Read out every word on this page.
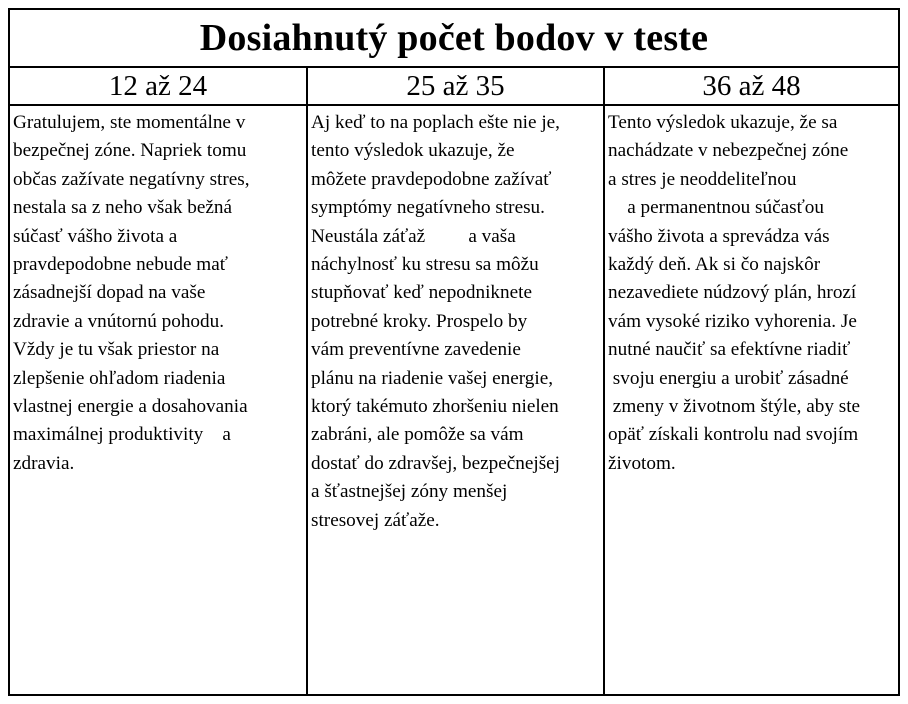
Dosiahnutý počet bodov v teste
12 až 24	25 až 35	36 až 48
Gratulujem, ste momentálne v
bezpečnej zóne. Napriek tomu
občas zažívate negatívny stres,
nestala sa z neho však bežná
súčasť vášho života a
pravdepodobne nebude mať
zásadnejší dopad na vaše
zdravie a vnútornú pohodu.
Vždy je tu však priestor na
zlepšenie ohľadom riadenia
vlastnej energie a dosahovania
maximálnej produktivity    a
zdravia.
Aj keď to na poplach ešte nie je,
tento výsledok ukazuje, že
môžete pravdepodobne zažívať
symptómy negatívneho stresu.
Neustála záťaž         a vaša
náchylnosť ku stresu sa môžu
stupňovať keď nepodniknete
potrebné kroky. Prospelo by
vám preventívne zavedenie
plánu na riadenie vašej energie,
ktorý takémuto zhoršeniu nielen
zabráni, ale pomôže sa vám
dostať do zdravšej, bezpečnejšej
a šťastnejšej zóny menšej
stresovej záťaže.
Tento výsledok ukazuje, že sa
nachádzate v nebezpečnej zóne
a stres je neoddeliteľnou
a permanentnou súčasťou
vášho života a sprevádza vás
každý deň. Ak si čo najskôr
nezavediete núdzový plán, hrozí
vám vysoké riziko vyhorenia. Je
nutné naučiť sa efektívne riadiť
svoju energiu a urobiť zásadné
zmeny v životnom štýle, aby ste
opäť získali kontrolu nad svojím
životom.
